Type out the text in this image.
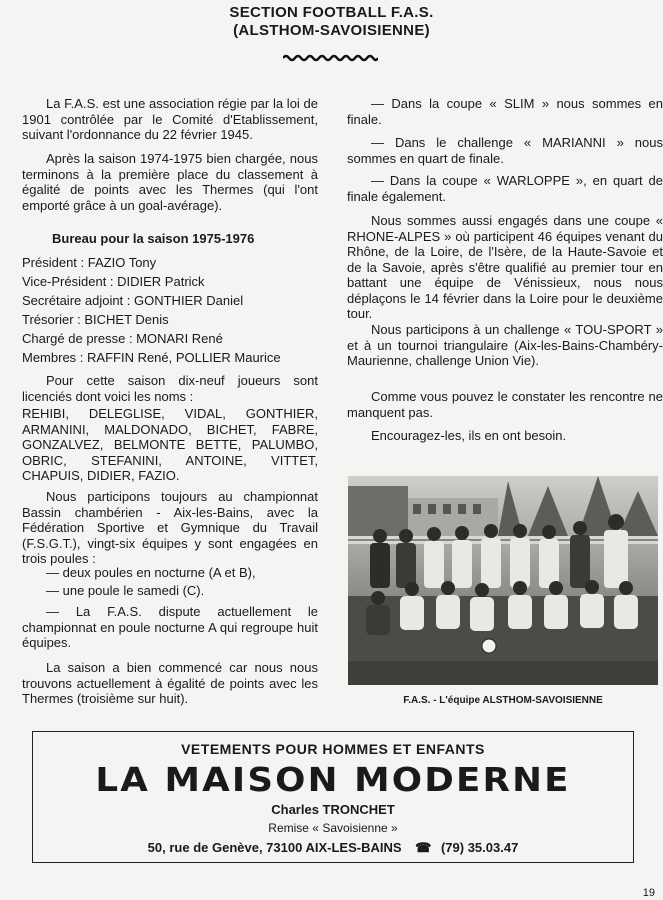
SECTION FOOTBALL F.A.S.
(ALSTHOM-SAVOISIENNE)

La F.A.S. est une association régie par la loi de 1901 contrôlée par le Comité d'Etablissement, suivant l'ordonnance du 22 février 1945.

Après la saison 1974-1975 bien chargée, nous terminons à la première place du classement à égalité de points avec les Thermes (qui l'ont emporté grâce à un goal-avérage).

Bureau pour la saison 1975-1976
Président : FAZIO Tony
Vice-Président : DIDIER Patrick
Secrétaire adjoint : GONTHIER Daniel
Trésorier : BICHET Denis
Chargé de presse : MONARI René
Membres : RAFFIN René, POLLIER Maurice

Pour cette saison dix-neuf joueurs sont licenciés dont voici les noms :

REHIBI, DELEGLISE, VIDAL, GONTHIER,
ARMANINI, MALDONADO, BICHET, FABRE,
GONZALVEZ, BELMONTE BETTE, PALUMBO,
OBRIC, STEFANINI, ANTOINE, VITTET,
CHAPUIS, DIDIER, FAZIO.

Nous participons toujours au championnat Bassin chambérien - Aix-les-Bains, avec la Fédération Sportive et Gymnique du Travail (F.S.G.T.), vingt-six équipes y sont engagées en trois poules :

— deux poules en nocturne (A et B),

— une poule le samedi (C).

— La F.A.S. dispute actuellement le championnat en poule nocturne A qui regroupe huit équipes.

La saison a bien commencé car nous nous trouvons actuellement à égalité de points avec les Thermes (troisième sur huit).

— Dans la coupe « SLIM » nous sommes en finale.

— Dans le challenge « MARIANNI » nous sommes en quart de finale.

— Dans la coupe « WARLOPPE », en quart de finale également.

Nous sommes aussi engagés dans une coupe « RHONE-ALPES » où participent 46 équipes venant du Rhône, de la Loire, de l'Isère, de la Haute-Savoie et de la Savoie, après s'être qualifié au premier tour en battant une équipe de Vénissieux, nous nous déplaçons le 14 février dans la Loire pour le deuxième tour.

Nous participons à un challenge « TOU-SPORT » et à un tournoi triangulaire (Aix-les-Bains-Chambéry-Maurienne, challenge Union Vie).

Comme vous pouvez le constater les rencontre ne manquent pas.

Encouragez-les, ils en ont besoin.

F.A.S. - L'équipe ALSTHOM-SAVOISIENNE
VETEMENTS POUR HOMMES ET ENFANTS
LA MAISON MODERNE
Charles TRONCHET
Remise « Savoisienne »
50, rue de Genève, 73100 AIX-LES-BAINS ☎ (79) 35.03.47
19
